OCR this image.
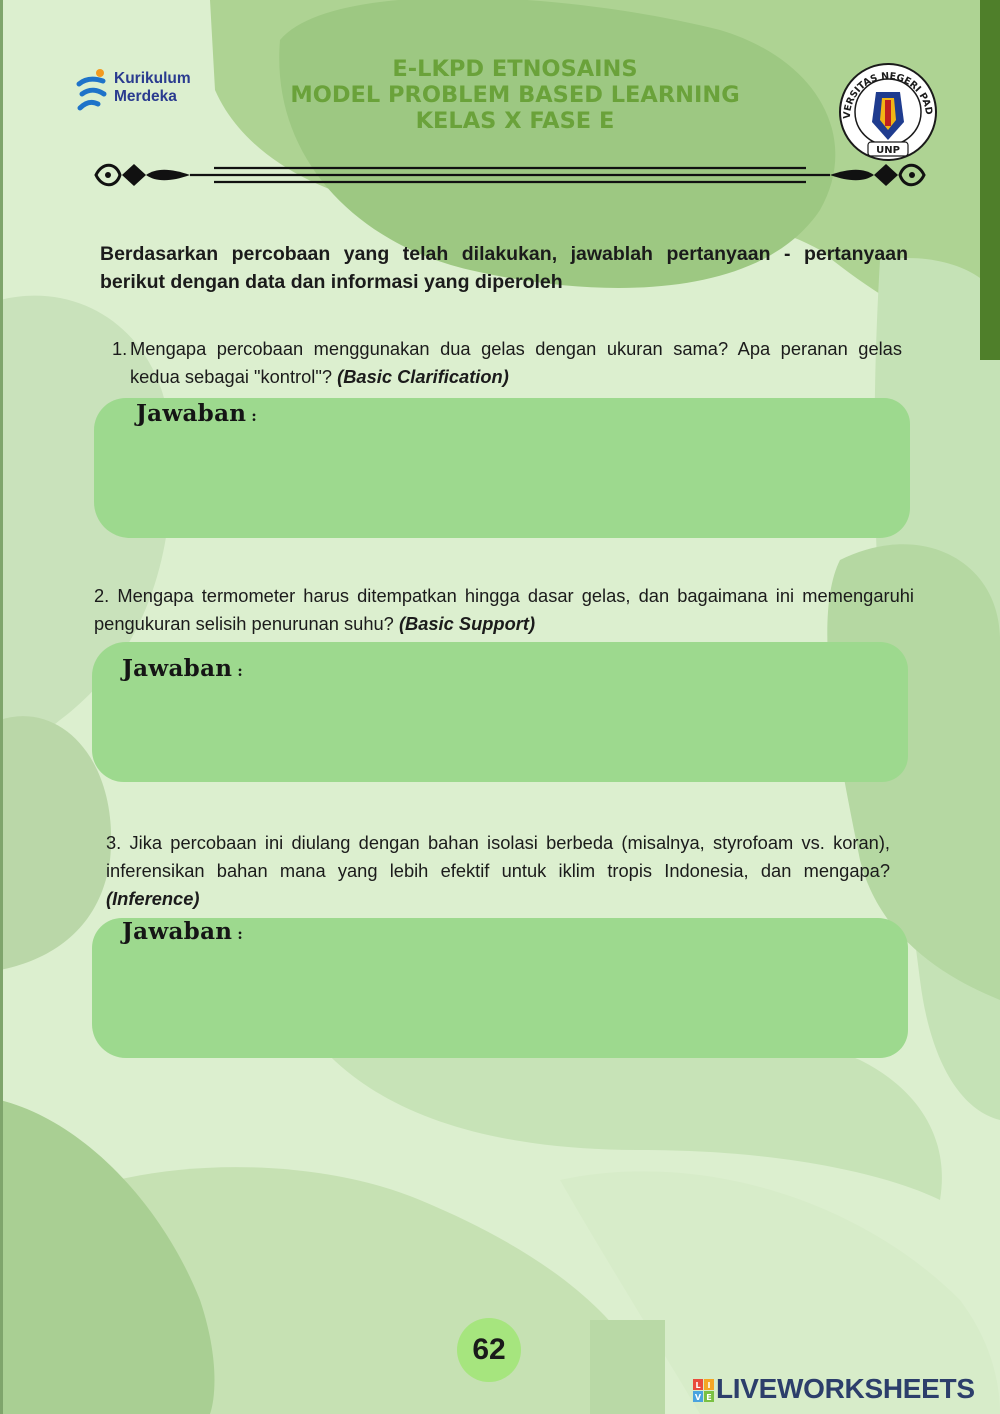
Kurikulum
Merdeka
E-LKPD ETNOSAINS
MODEL PROBLEM BASED LEARNING
KELAS X FASE E	VERSITAS NEGERI PAD
UNP
Berdasarkan percobaan yang telah dilakukan, jawablah pertanyaan - pertanyaan berikut dengan data dan informasi yang diperoleh
1. Mengapa percobaan menggunakan dua gelas dengan ukuran sama? Apa peranan gelas kedua sebagai "kontrol"? (Basic Clarification)
Jawaban :
2. Mengapa termometer harus ditempatkan hingga dasar gelas, dan bagaimana ini memengaruhi pengukuran selisih penurunan suhu? (Basic Support)
Jawaban :
3. Jika percobaan ini diulang dengan bahan isolasi berbeda (misalnya, styrofoam vs. koran), inferensikan bahan mana yang lebih efektif untuk iklim tropis Indonesia, dan mengapa?(Inference)
Jawaban :
62
L I
V E LIVEWORKSHEETS
